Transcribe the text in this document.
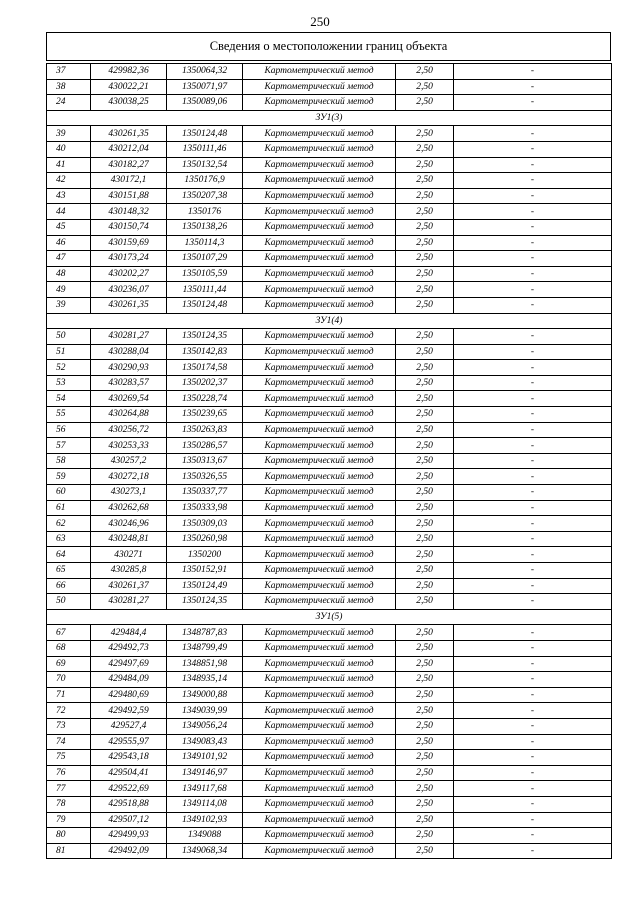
250
Сведения о местоположении границ объекта
37	429982,36	1350064,32	Картометрический метод	2,50	-
38	430022,21	1350071,97	Картометрический метод	2,50	-
24	430038,25	1350089,06	Картометрический метод	2,50	-
ЗУ1(3)					
39	430261,35	1350124,48	Картометрический метод	2,50	-
40	430212,04	1350111,46	Картометрический метод	2,50	-
41	430182,27	1350132,54	Картометрический метод	2,50	-
42	430172,1	1350176,9	Картометрический метод	2,50	-
43	430151,88	1350207,38	Картометрический метод	2,50	-
44	430148,32	1350176	Картометрический метод	2,50	-
45	430150,74	1350138,26	Картометрический метод	2,50	-
46	430159,69	1350114,3	Картометрический метод	2,50	-
47	430173,24	1350107,29	Картометрический метод	2,50	-
48	430202,27	1350105,59	Картометрический метод	2,50	-
49	430236,07	1350111,44	Картометрический метод	2,50	-
39	430261,35	1350124,48	Картометрический метод	2,50	-
ЗУ1(4)					
50	430281,27	1350124,35	Картометрический метод	2,50	-
51	430288,04	1350142,83	Картометрический метод	2,50	-
52	430290,93	1350174,58	Картометрический метод	2,50	-
53	430283,57	1350202,37	Картометрический метод	2,50	-
54	430269,54	1350228,74	Картометрический метод	2,50	-
55	430264,88	1350239,65	Картометрический метод	2,50	-
56	430256,72	1350263,83	Картометрический метод	2,50	-
57	430253,33	1350286,57	Картометрический метод	2,50	-
58	430257,2	1350313,67	Картометрический метод	2,50	-
59	430272,18	1350326,55	Картометрический метод	2,50	-
60	430273,1	1350337,77	Картометрический метод	2,50	-
61	430262,68	1350333,98	Картометрический метод	2,50	-
62	430246,96	1350309,03	Картометрический метод	2,50	-
63	430248,81	1350260,98	Картометрический метод	2,50	-
64	430271	1350200	Картометрический метод	2,50	-
65	430285,8	1350152,91	Картометрический метод	2,50	-
66	430261,37	1350124,49	Картометрический метод	2,50	-
50	430281,27	1350124,35	Картометрический метод	2,50	-
ЗУ1(5)					
67	429484,4	1348787,83	Картометрический метод	2,50	-
68	429492,73	1348799,49	Картометрический метод	2,50	-
69	429497,69	1348851,98	Картометрический метод	2,50	-
70	429484,09	1348935,14	Картометрический метод	2,50	-
71	429480,69	1349000,88	Картометрический метод	2,50	-
72	429492,59	1349039,99	Картометрический метод	2,50	-
73	429527,4	1349056,24	Картометрический метод	2,50	-
74	429555,97	1349083,43	Картометрический метод	2,50	-
75	429543,18	1349101,92	Картометрический метод	2,50	-
76	429504,41	1349146,97	Картометрический метод	2,50	-
77	429522,69	1349117,68	Картометрический метод	2,50	-
78	429518,88	1349114,08	Картометрический метод	2,50	-
79	429507,12	1349102,93	Картометрический метод	2,50	-
80	429499,93	1349088	Картометрический метод	2,50	-
81	429492,09	1349068,34	Картометрический метод	2,50	-
